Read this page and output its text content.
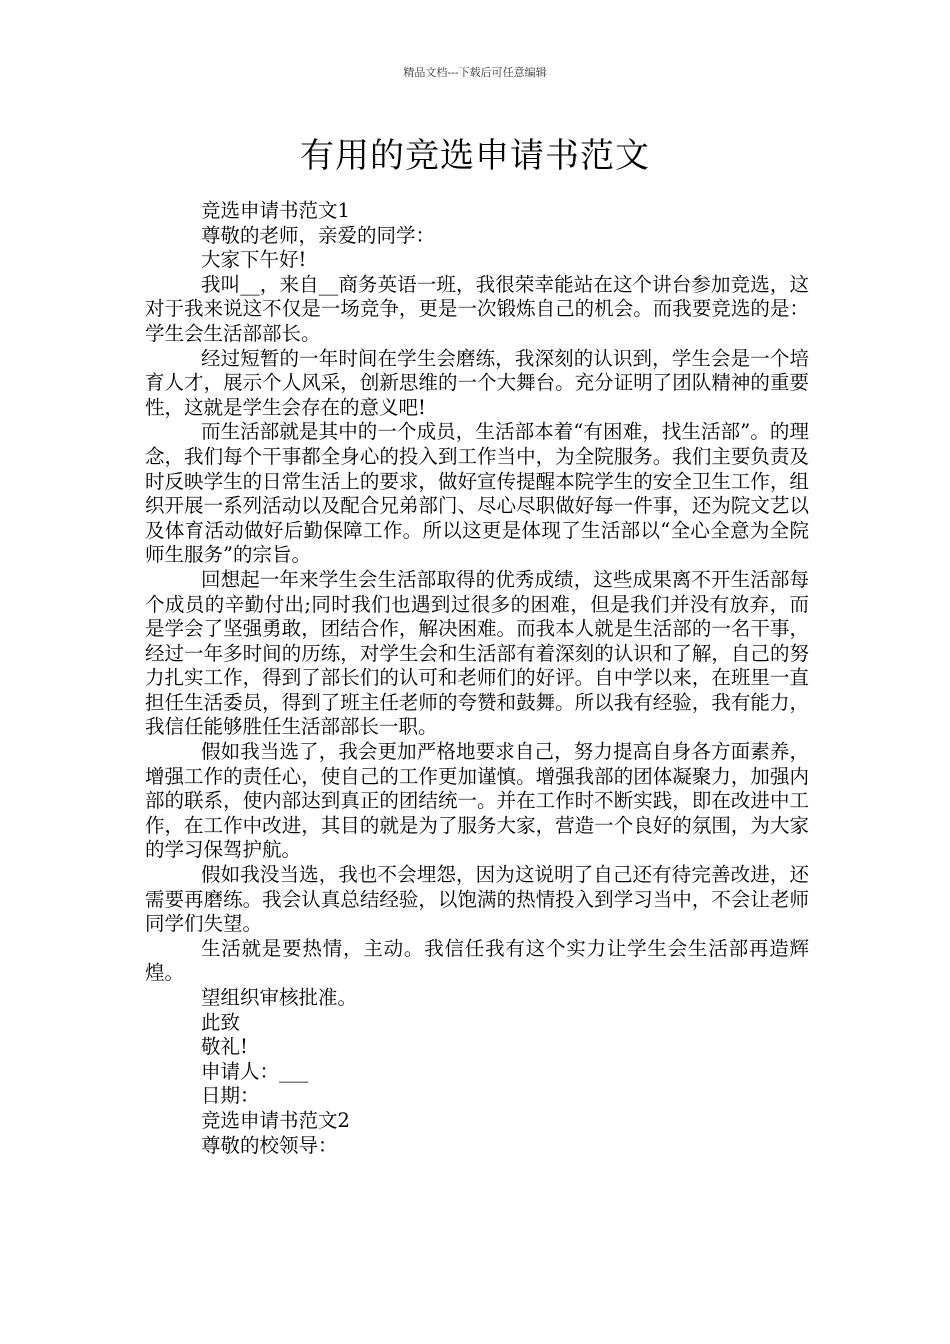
精品文档---下载后可任意编辑
有用的竞选申请书范文

竞选申请书范文1

尊敬的老师，亲爱的同学：

大家下午好!

我叫__，来自__商务英语一班，我很荣幸能站在这个讲台参加竞选，这对于我来说这不仅是一场竞争，更是一次锻炼自己的机会。而我要竞选的是：学生会生活部部长。

经过短暂的一年时间在学生会磨练，我深刻的认识到，学生会是一个培育人才，展示个人风采，创新思维的一个大舞台。充分证明了团队精神的重要性，这就是学生会存在的意义吧!

而生活部就是其中的一个成员，生活部本着“有困难，找生活部”。的理念，我们每个干事都全身心的投入到工作当中，为全院服务。我们主要负责及时反映学生的日常生活上的要求，做好宣传提醒本院学生的安全卫生工作，组织开展一系列活动以及配合兄弟部门、尽心尽职做好每一件事，还为院文艺以及体育活动做好后勤保障工作。所以这更是体现了生活部以“全心全意为全院师生服务”的宗旨。

回想起一年来学生会生活部取得的优秀成绩，这些成果离不开生活部每个成员的辛勤付出;同时我们也遇到过很多的困难，但是我们并没有放弃，而是学会了坚强勇敢，团结合作，解决困难。而我本人就是生活部的一名干事，经过一年多时间的历练，对学生会和生活部有着深刻的认识和了解，自己的努力扎实工作，得到了部长们的认可和老师们的好评。自中学以来，在班里一直担任生活委员，得到了班主任老师的夸赞和鼓舞。所以我有经验，我有能力，我信任能够胜任生活部部长一职。

假如我当选了，我会更加严格地要求自己，努力提高自身各方面素养，增强工作的责任心，使自己的工作更加谨慎。增强我部的团体凝聚力，加强内部的联系，使内部达到真正的团结统一。并在工作时不断实践，即在改进中工作，在工作中改进，其目的就是为了服务大家，营造一个良好的氛围，为大家的学习保驾护航。

假如我没当选，我也不会埋怨，因为这说明了自己还有待完善改进，还需要再磨练。我会认真总结经验，以饱满的热情投入到学习当中，不会让老师同学们失望。

生活就是要热情，主动。我信任我有这个实力让学生会生活部再造辉煌。

望组织审核批准。

此致

敬礼!

申请人：___

日期：

竞选申请书范文2

尊敬的校领导：
